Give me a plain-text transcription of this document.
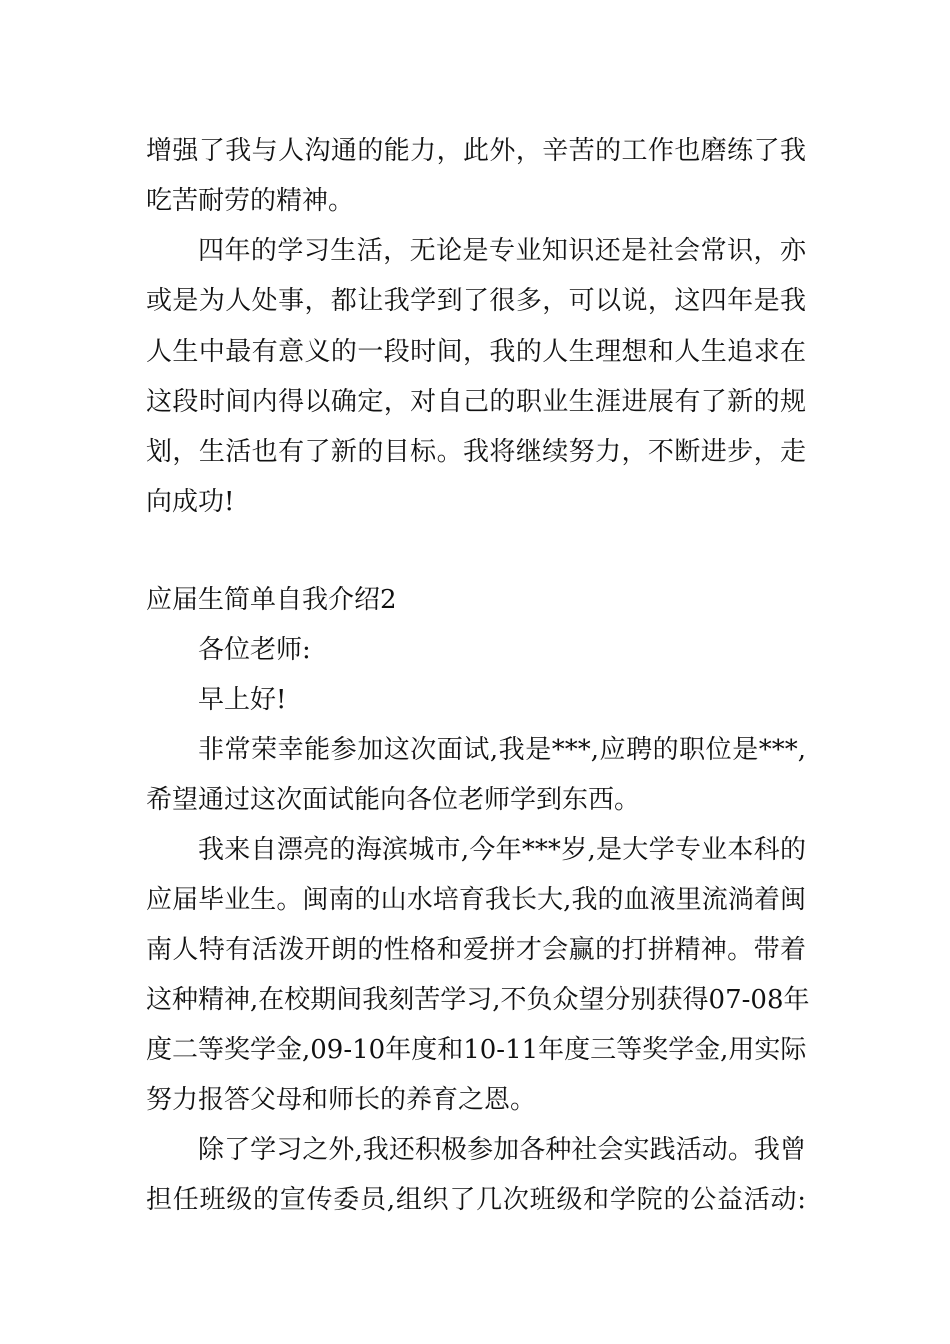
增强了我与人沟通的能力，此外，辛苦的工作也磨练了我
吃苦耐劳的精神。
四年的学习生活，无论是专业知识还是社会常识，亦
或是为人处事，都让我学到了很多，可以说，这四年是我
人生中最有意义的一段时间，我的人生理想和人生追求在
这段时间内得以确定，对自己的职业生涯进展有了新的规
划，生活也有了新的目标。我将继续努力，不断进步，走
向成功!
应届生简单自我介绍2
各位老师:
早上好!
非常荣幸能参加这次面试,我是***,应聘的职位是***,
希望通过这次面试能向各位老师学到东西。
我来自漂亮的海滨城市,今年***岁,是大学专业本科的
应届毕业生。闽南的山水培育我长大,我的血液里流淌着闽
南人特有活泼开朗的性格和爱拼才会赢的打拼精神。带着
这种精神,在校期间我刻苦学习,不负众望分别获得07-08年
度二等奖学金,09-10年度和10-11年度三等奖学金,用实际
努力报答父母和师长的养育之恩。
除了学习之外,我还积极参加各种社会实践活动。我曾
担任班级的宣传委员,组织了几次班级和学院的公益活动:
